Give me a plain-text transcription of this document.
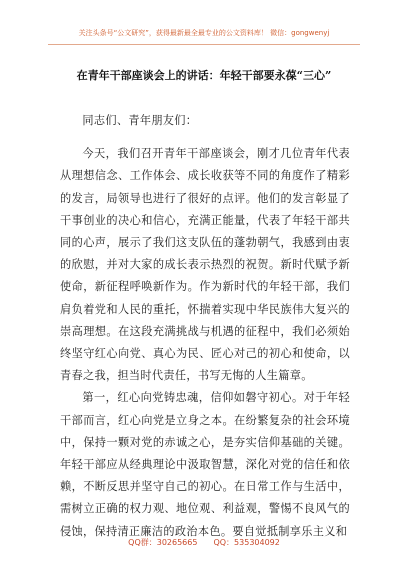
关注头条号“公文研究”，获得最新最全最专业的公文资料库！ 微信：gongwenyj
在青年干部座谈会上的讲话：年轻干部要永葆“三心”

同志们、青年朋友们：

今天，我们召开青年干部座谈会，刚才几位青年代表从理想信念、工作体会、成长收获等不同的角度作了精彩的发言，局领导也进行了很好的点评。他们的发言彰显了干事创业的决心和信心，充满正能量，代表了年轻干部共同的心声，展示了我们这支队伍的蓬勃朝气，我感到由衷的欣慰，并对大家的成长表示热烈的祝贺。新时代赋予新使命，新征程呼唤新作为。作为新时代的年轻干部，我们肩负着党和人民的重托，怀揣着实现中华民族伟大复兴的崇高理想。在这段充满挑战与机遇的征程中，我们必须始终坚守红心向党、真心为民、匠心对己的初心和使命，以青春之我，担当时代责任，书写无悔的人生篇章。

第一，红心向党铸忠魂，信仰如磐守初心。对于年轻干部而言，红心向党是立身之本。在纷繁复杂的社会环境中，保持一颗对党的赤诚之心，是夯实信仰基础的关键。年轻干部应从经典理论中汲取智慧，深化对党的信任和依赖，不断反思并坚守自己的初心。在日常工作与生活中，需树立正确的权力观、地位观、利益观，警惕不良风气的侵蚀，保持清正廉洁的政治本色。要自觉抵制享乐主义和

QQ群：30265665　　QQ：535304092
